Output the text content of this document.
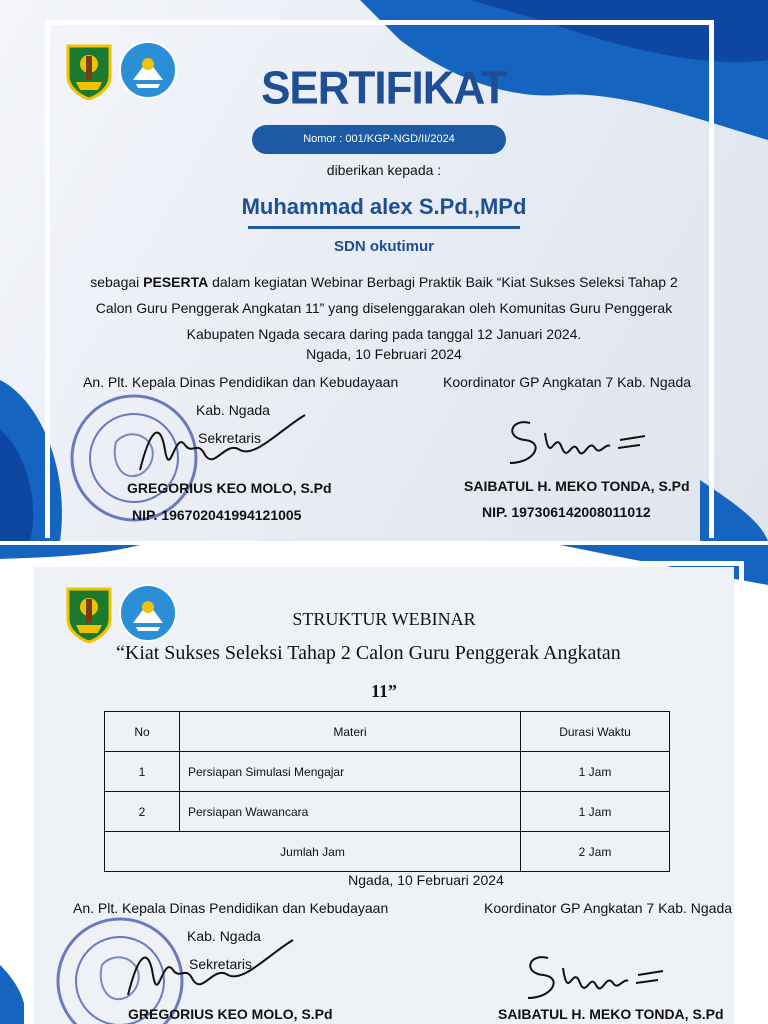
SERTIFIKAT
Nomor : 001/KGP-NGD/II/2024
diberikan kepada :
Muhammad alex S.Pd.,MPd
SDN okutimur
sebagai PESERTA dalam kegiatan Webinar Berbagi Praktik Baik “Kiat Sukses Seleksi Tahap 2
Calon Guru Penggerak Angkatan 11” yang diselenggarakan oleh Komunitas Guru Penggerak
Kabupaten Ngada secara daring pada tanggal 12 Januari 2024.
Ngada, 10 Februari 2024
An. Plt. Kepala Dinas Pendidikan dan Kebudayaan
Kab. Ngada
Sekretaris
GREGORIUS KEO MOLO, S.Pd
NIP. 196702041994121005
Koordinator GP Angkatan 7 Kab. Ngada
SAIBATUL H. MEKO TONDA, S.Pd
NIP. 197306142008011012
STRUKTUR WEBINAR
“Kiat Sukses Seleksi Tahap 2 Calon Guru Penggerak Angkatan
11”
No	Materi	Durasi Waktu
1	Persiapan Simulasi Mengajar	1 Jam
2	Persiapan Wawancara	1 Jam
Jumlah Jam		2 Jam
Ngada, 10 Februari 2024
An. Plt. Kepala Dinas Pendidikan dan Kebudayaan
Kab. Ngada
Sekretaris
GREGORIUS KEO MOLO, S.Pd
Koordinator GP Angkatan 7 Kab. Ngada
SAIBATUL H. MEKO TONDA, S.Pd
